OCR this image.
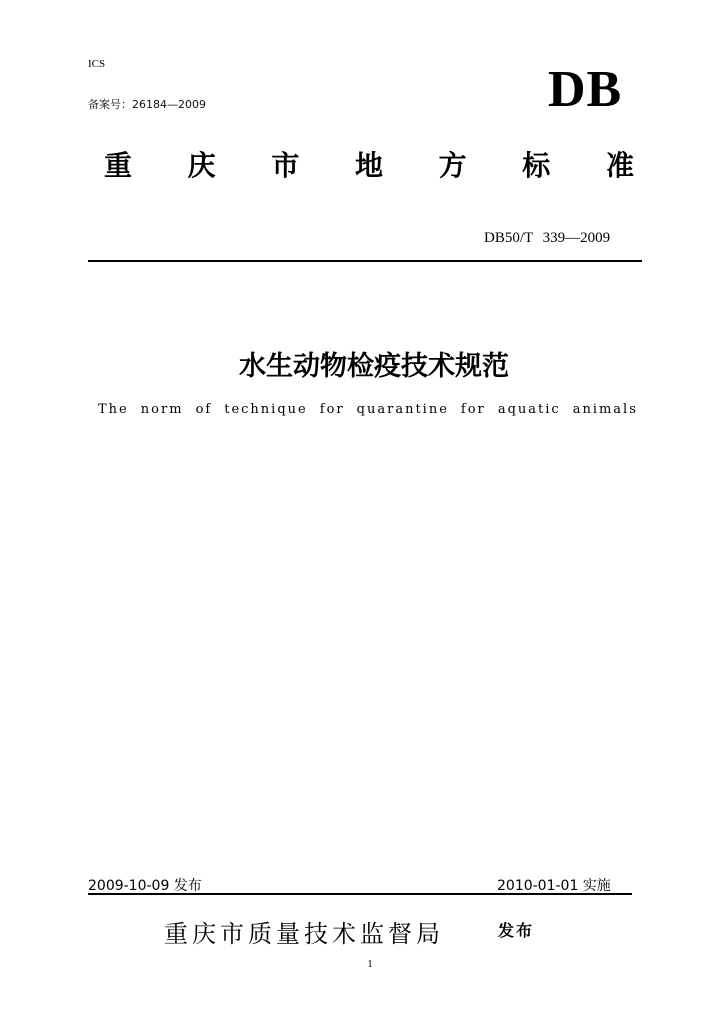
ICS
备案号：26184—2009	DB
重 庆 市 地 方 标 准
DB50/T 339—2009
水生动物检疫技术规范
The norm of technique for quarantine for aquatic animals
2009-10-09 发布	2010-01-01 实施
重庆市质量技术监督局	发布
1
